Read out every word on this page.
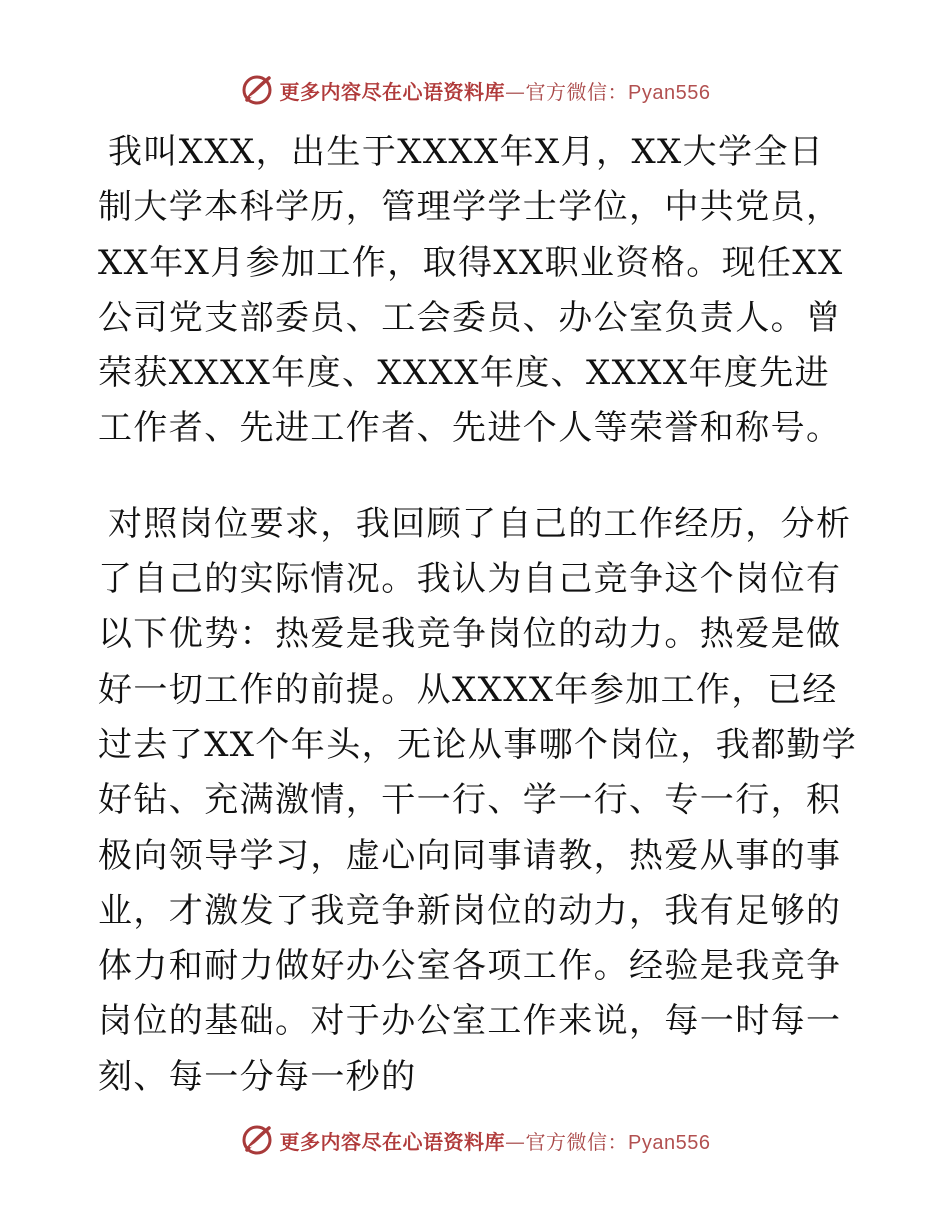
更多内容尽在心语资料库—官方微信：Pyan556

我叫XXX，出生于XXXX年X月，XX大学全日制大学本科学历，管理学学士学位，中共党员，XX年X月参加工作，取得XX职业资格。现任XX公司党支部委员、工会委员、办公室负责人。曾荣获XXXX年度、XXXX年度、XXXX年度先进工作者、先进工作者、先进个人等荣誉和称号。

对照岗位要求，我回顾了自己的工作经历，分析了自己的实际情况。我认为自己竞争这个岗位有以下优势：热爱是我竞争岗位的动力。热爱是做好一切工作的前提。从XXXX年参加工作，已经过去了XX个年头，无论从事哪个岗位，我都勤学好钻、充满激情，干一行、学一行、专一行，积极向领导学习，虚心向同事请教，热爱从事的事业，才激发了我竞争新岗位的动力，我有足够的体力和耐力做好办公室各项工作。经验是我竞争岗位的基础。对于办公室工作来说，每一时每一刻、每一分每一秒的

更多内容尽在心语资料库—官方微信：Pyan556
